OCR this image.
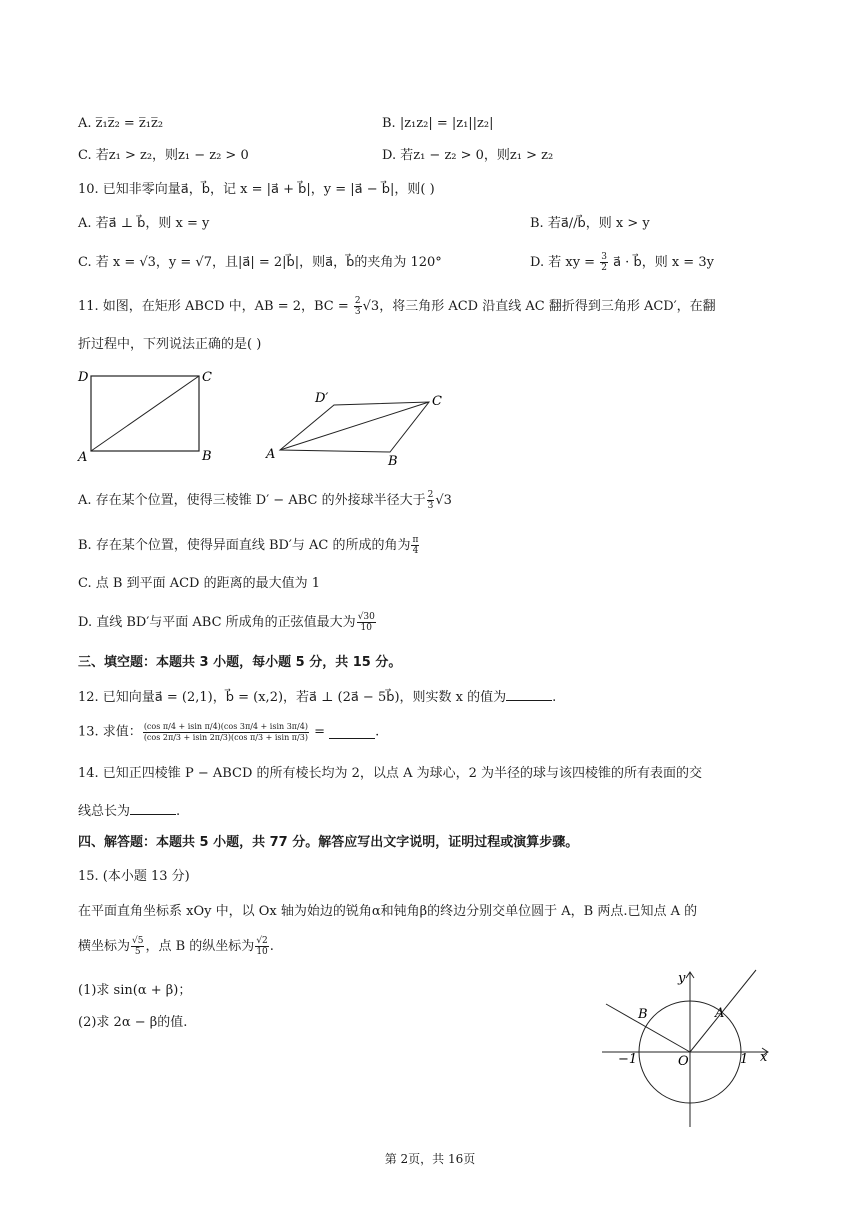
A. z̅₁z̅₂ = z̅₁z̅₂	B. |z₁z₂| = |z₁||z₂|
C. 若z₁ > z₂，则z₁ − z₂ > 0	D. 若z₁ − z₂ > 0，则z₁ > z₂
10. 已知非零向量a⃗，b⃗，记 x = |a⃗ + b⃗|，y = |a⃗ − b⃗|，则( )
A. 若a⃗ ⊥ b⃗，则 x = y	B. 若a⃗//b⃗，则 x > y
C. 若 x = √3，y = √7，且|a⃗| = 2|b⃗|，则a⃗，b⃗的夹角为 120°	D. 若 xy = $\frac{3}{2}$ a⃗ · b⃗，则 x = 3y
11. 如图，在矩形 ABCD 中，AB = 2，BC = $\frac{2}{3} √3$，将三角形 ACD 沿直线 AC 翻折得到三角形 ACD′，在翻
折过程中，下列说法正确的是( )
D	C
A	B
D′	C
A	B
A. 存在某个位置，使得三棱锥 D′ − ABC 的外接球半径大于 $\frac{2}{3} √3$
B. 存在某个位置，使得异面直线 BD′与 AC 的所成的角为 $\frac{\pi}{4}$
C. 点 B 到平面 ACD 的距离的最大值为 1
D. 直线 BD′与平面 ABC 所成角的正弦值最大为 $\frac{√30}{10}$
三、填空题：本题共 3 小题，每小题 5 分，共 15 分。
12. 已知向量a⃗ = (2,1)，b⃗ = (x,2)，若a⃗ ⊥ (2a⃗ − 5b⃗)，则实数 x 的值为	.
13. 求值： $\frac{\text{(cos π/4 + isin π/4)(cos 3π/4 + isin 3π/4)}}{\text{(cos 2π/3 + isin 2π/3)(cos π/3 + isin π/3)}}$ =	.
14. 已知正四棱锥 P − ABCD 的所有棱长均为 2，以点 A 为球心，2 为半径的球与该四棱锥的所有表面的交
线总长为	.
四、解答题：本题共 5 小题，共 77 分。解答应写出文字说明，证明过程或演算步骤。
15. (本小题 13 分)
在平面直角坐标系 xOy 中，以 Ox 轴为始边的锐角α和钝角β的终边分别交单位圆于 A，B 两点.已知点 A 的
横坐标为 $\frac{√5}{5}$ ，点 B 的纵坐标为 $\frac{√2}{10}$ .
(1)求 sin(α + β)；
(2)求 2α − β的值.
y
x
A
B
O
−1	1
第 2页，共 16页
